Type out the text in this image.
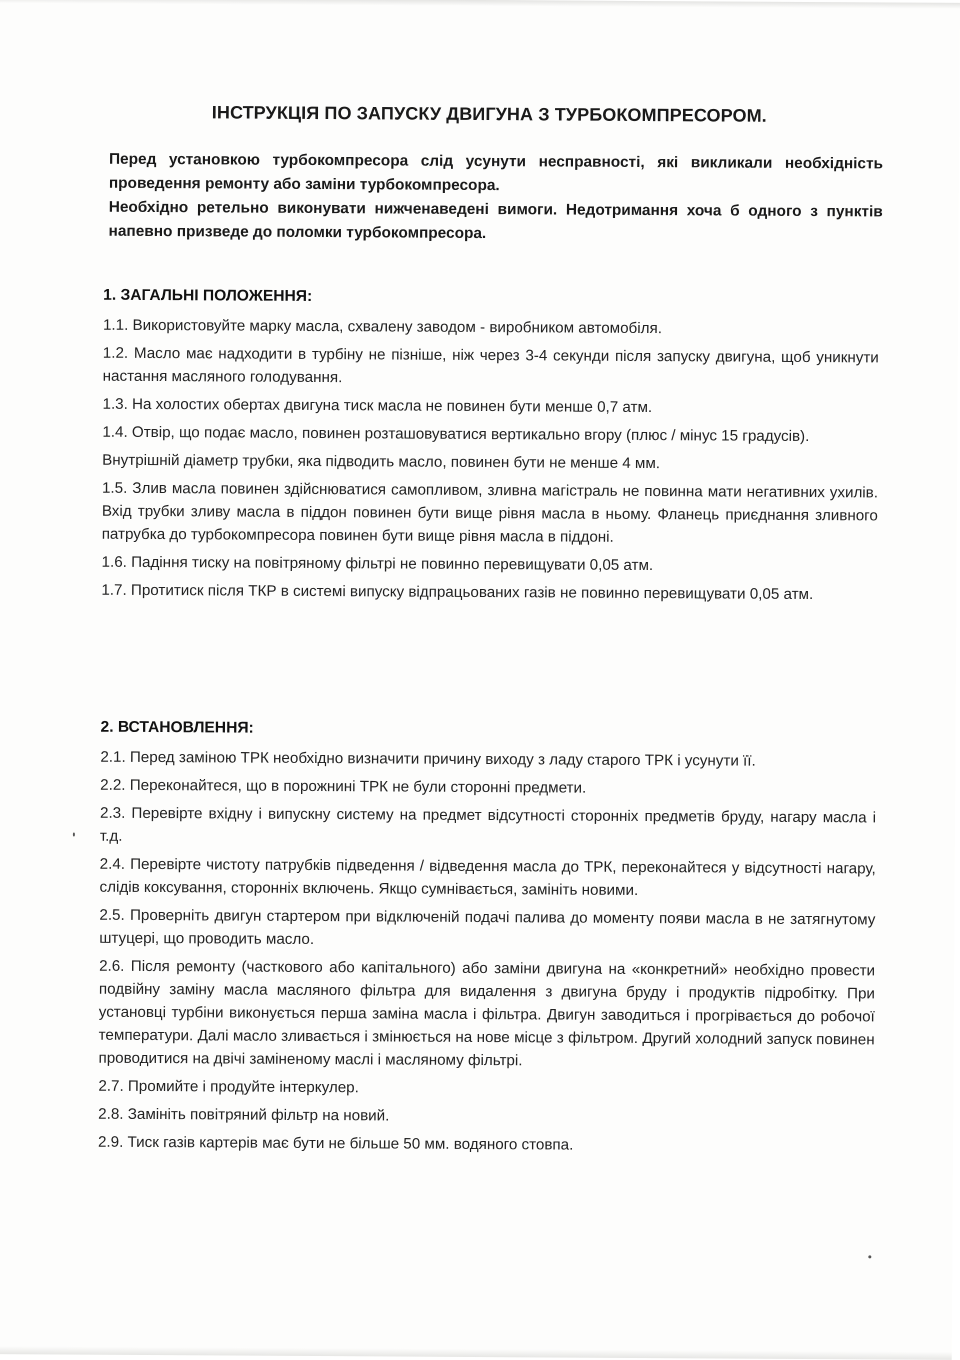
ІНСТРУКЦІЯ ПО ЗАПУСКУ ДВИГУНА З ТУРБОКОМПРЕСОРОМ.

Перед установкою турбокомпресора слід усунути несправності, які викликали необхідність проведення ремонту або заміни турбокомпресора.

Необхідно ретельно виконувати нижченаведені вимоги. Недотримання хоча б одного з пунктів напевно призведе до поломки турбокомпресора.

1. ЗАГАЛЬНІ ПОЛОЖЕННЯ:

1.1. Використовуйте марку масла, схвалену заводом - виробником автомобіля.

1.2. Масло має надходити в турбіну не пізніше, ніж через 3-4 секунди після запуску двигуна, щоб уникнути настання масляного голодування.

1.3. На холостих обертах двигуна тиск масла не повинен бути менше 0,7 атм.

1.4. Отвір, що подає масло, повинен розташовуватися вертикально вгору (плюс / мінус 15 градусів).

Внутрішній діаметр трубки, яка підводить масло, повинен бути не менше 4 мм.

1.5. Злив масла повинен здійснюватися самопливом, зливна магістраль не повинна мати негативних ухилів. Вхід трубки зливу масла в піддон повинен бути вище рівня масла в ньому. Фланець приєднання зливного патрубка до турбокомпресора повинен бути вище рівня масла в піддоні.

1.6. Падіння тиску на повітряному фільтрі не повинно перевищувати 0,05 атм.

1.7. Протитиск після ТКР в системі випуску відпрацьованих газів не повинно перевищувати 0,05 атм.

2. ВСТАНОВЛЕННЯ:

2.1. Перед заміною ТРК необхідно визначити причину виходу з ладу старого ТРК і усунути її.

2.2. Переконайтеся, що в порожнині ТРК не були сторонні предмети.

2.3. Перевірте вхідну і випускну систему на предмет відсутності сторонніх предметів бруду, нагару масла і т.д.

2.4. Перевірте чистоту патрубків підведення / відведення масла до ТРК, переконайтеся у відсутності нагару, слідів коксування, сторонніх включень. Якщо сумнівається, замініть новими.

2.5. Проверніть двигун стартером при відключеній подачі палива до моменту появи масла в не затягнутому штуцері, що проводить масло.

2.6. Після ремонту (часткового або капітального) або заміни двигуна на «конкретний» необхідно провести подвійну заміну масла масляного фільтра для видалення з двигуна бруду і продуктів підробітку. При установці турбіни виконується перша заміна масла і фільтра. Двигун заводиться і прогрівається до робочої температури. Далі масло зливається і змінюється на нове місце з фільтром. Другий холодний запуск повинен проводитися на двічі заміненому маслі і масляному фільтрі.

2.7. Промийте і продуйте інтеркулер.

2.8. Замініть повітряний фільтр на новий.

2.9. Тиск газів картерів має бути не більше 50 мм. водяного стовпа.
